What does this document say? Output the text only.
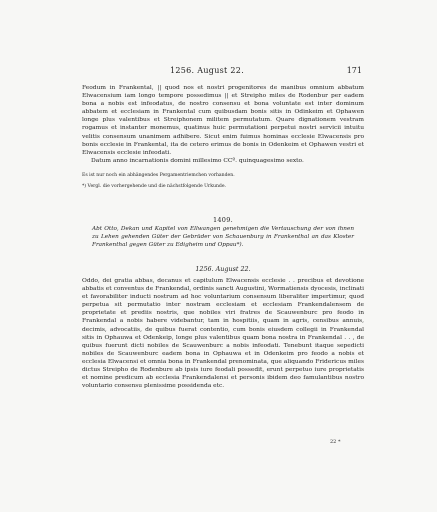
1256. August 22.	171

Feodum in Frankental, || quod nos et nostri progenitores de manibus omnium abbatum Elwacensium iam longo tempore possedimus || et Streipho miles de Rodenbur per eadem bona a nobis est infeodatus, de nostro consensu et bona voluntate est inter dominum abbatem et ecclesiam in Frankental cum quibusdam bonis sitis in Odinkeim et Ophawen longe plus valentibus et Streiphonem militem permutatum. Quare dignationem vestram rogamus et instanter monemus, quatinus huic permutationi perpetui nostri servicii intuitu velitis consensum unanimem adhibere. Sicut enim fuimus hominas ecclesie Elwacensis pro bonis ecclesie in Frankental, ita de cetero erimus de bonis in Odenkeim et Ophawen vestri et Elwacensis ecclesie infeodati.

Datum anno incarnationis domini millesimo CCº. quinquagesimo sexto.

Es ist nur noch ein abhängendes Pergamentriemchen vorhanden.

*) Vergl. die vorhergehende und die nächstfolgende Urkunde.

1409.
Abt Otto, Dekan und Kapitel von Ellwangen genehmigen die Vertauschung der von ihnen zu Lehen gehenden Güter der Gebrüder von Schauenburg in Frankenthal an das Kloster Frankenthal gegen Güter zu Edigheim und Oppau*).
1256. August 22.

Oddo, dei gratia abbas, decanus et capitulum Elwacensis ecclesie . . precibus et devotione abbatis et conventus de Frankendal, ordinis sancti Augustini, Wormatiensis dyocesis, inclinati et favorabiliter inducti nostrum ad hoc voluntarium consensum liberaliter impertimur, quod perpetua sit permutatio inter nostram ecclesiam et ecclesiam Frankendalensem de proprietate et prediis nostris, que nobiles viri fratres de Scauwenburc pro feodo in Frankendal a nobis habere videbantur, tam in hospitiis, quam in agris, censibus annuis, decimis, advocatiis, de quibus fuerat contentio, cum bonis eiusdem collegii in Frankendal sitis in Ophauwa et Odenkeip, longe plus valentibus quam bona nostra in Frankendal . . , de quibus fuerunt dicti nobiles de Scauwenburc a nobis infeodati. Tenebunt itaque sepedicti nobiles de Scauwenburc eadem bona in Ophauwa et in Odenkeim pro feodo a nobis et ecclesia Elwacensi et omnia bona in Frankendal prenominata, que aliquando Fridericus miles dictus Streipho de Rodenbure ab ipsis iure feodali possedit, erunt perpetuo iure proprietatis et nomine predicum ab ecclesia Frankendalensi et personis ibidem deo famulantibus nostro voluntario consensu plenissime possidenda etc.

22 *
